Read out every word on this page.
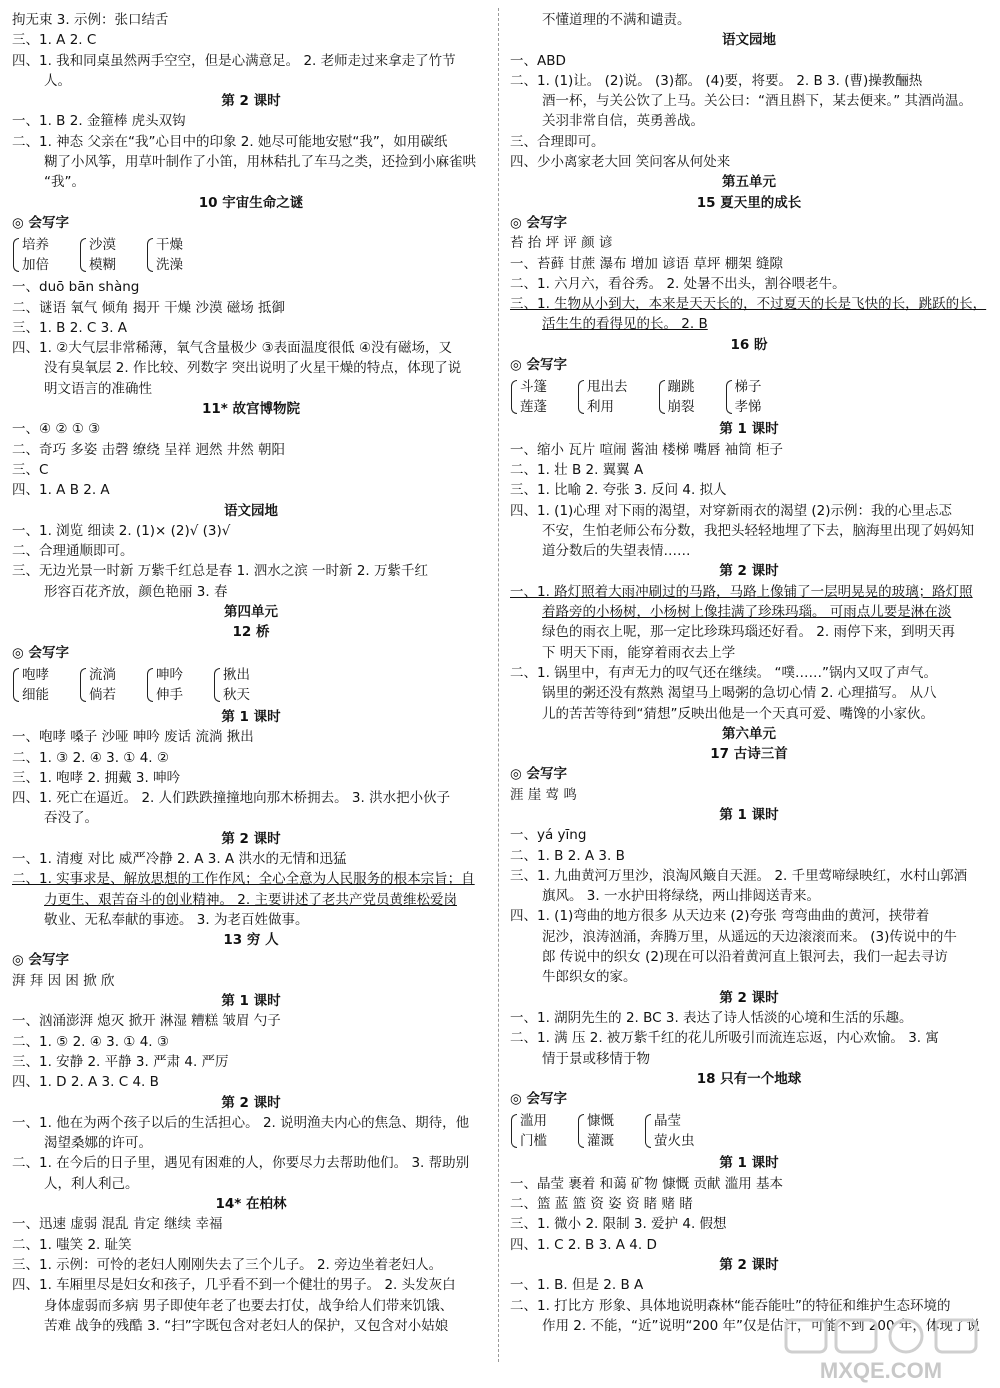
拘无束 3. 示例：张口结舌
三、1. A 2. C
四、1. 我和同桌虽然两手空空，但是心满意足。 2. 老师走过来拿走了竹节
人。
第 2 课时
一、1. B 2. 金箍棒 虎头双钩
二、1. 神态 父亲在“我”心目中的印象 2. 她尽可能地安慰“我”，如用碳纸
糊了小风筝，用草叶制作了小笛，用林秸扎了车马之类，还捡到小麻雀哄
“我”。
10 宇宙生命之谜
◎ 会写字
培养
加倍
沙漠
模糊
干燥
洗澡
一、duō bān shàng
二、谜语 氧气 倾角 揭开 干燥 沙漠 磁场 抵御
三、1. B 2. C 3. A
四、1. ②大气层非常稀薄，氧气含量极少 ③表面温度很低 ④没有磁场，又
没有臭氧层 2. 作比较、列数字 突出说明了火星干燥的特点，体现了说
明文语言的准确性
11* 故宫博物院
一、④ ② ① ③
二、奇巧 多姿 击磬 缭绕 呈祥 迥然 井然 朝阳
三、C
四、1. A B 2. A
语文园地
一、1. 浏览 细读 2. (1)× (2)√ (3)√
二、合理通顺即可。
三、无边光景一时新 万紫千红总是春 1. 泗水之滨 一时新 2. 万紫千红
形容百花齐放，颜色艳丽 3. 春
第四单元
12 桥
◎ 会写字
咆哮
细能
流淌
倘若
呻吟
伸手
揪出
秋天
第 1 课时
一、咆哮 嗓子 沙哑 呻吟 废话 流淌 揪出
二、1. ③ 2. ④ 3. ① 4. ②
三、1. 咆哮 2. 拥戴 3. 呻吟
四、1. 死亡在逼近。 2. 人们跌跌撞撞地向那木桥拥去。 3. 洪水把小伙子
吞没了。
第 2 课时
一、1. 清瘦 对比 威严冷静 2. A 3. A 洪水的无情和迅猛
二、1. 实事求是、解放思想的工作作风；全心全意为人民服务的根本宗旨；自
力更生、艰苦奋斗的创业精神。 2. 主要讲述了老共产党员黄维松爱岗
敬业、无私奉献的事迹。 3. 为老百姓做事。
13 穷 人
◎ 会写字
湃 拜 因 困 掀 欣
第 1 课时
一、汹涌澎湃 熄灭 掀开 淋湿 糟糕 皱眉 勺子
二、1. ⑤ 2. ④ 3. ① 4. ③
三、1. 安静 2. 平静 3. 严肃 4. 严厉
四、1. D 2. A 3. C 4. B
第 2 课时
一、1. 他在为两个孩子以后的生活担心。 2. 说明渔夫内心的焦急、期待，他
渴望桑娜的许可。
二、1. 在今后的日子里，遇见有困难的人，你要尽力去帮助他们。 3. 帮助别
人，利人利己。
14* 在柏林
一、迅速 虚弱 混乱 肯定 继续 幸福
二、1. 嗤笑 2. 耻笑
三、1. 示例：可怜的老妇人刚刚失去了三个儿子。 2. 旁边坐着老妇人。
四、1. 车厢里尽是妇女和孩子，几乎看不到一个健壮的男子。 2. 头发灰白
身体虚弱而多病 男子即使年老了也要去打仗，战争给人们带来饥饿、
苦难 战争的残酷 3. “扫”字既包含对老妇人的保护，又包含对小姑娘
不懂道理的不满和谴责。
语文园地
一、ABD
二、1. (1)让。 (2)说。 (3)都。 (4)要，将要。 2. B 3. (曹)操教酾热
酒一杯，与关公饮了上马。关公曰：“酒且斟下，某去便来。” 其酒尚温。
关羽非常自信，英勇善战。
三、合理即可。
四、少小离家老大回 笑问客从何处来
第五单元
15 夏天里的成长
◎ 会写字
苔 抬 坪 评 颜 谚
一、苔藓 甘蔗 瀑布 增加 谚语 草坪 棚架 缝隙
二、1. 六月六，看谷秀。 2. 处暑不出头，割谷喂老牛。
三、1. 生物从小到大，本来是天天长的，不过夏天的长是飞快的长，跳跃的长，
活生生的看得见的长。 2. B
16 盼
◎ 会写字
斗篷
莲蓬
甩出去
利用
蹦跳
崩裂
梯子
孝悌
第 1 课时
一、缩小 瓦片 喧闹 酱油 楼梯 嘴唇 袖筒 柜子
二、1. 壮 B 2. 翼翼 A
三、1. 比喻 2. 夸张 3. 反问 4. 拟人
四、1. (1)心理 对下雨的渴望，对穿新雨衣的渴望 (2)示例：我的心里忐忑
不安，生怕老师公布分数，我把头轻轻地埋了下去，脑海里出现了妈妈知
道分数后的失望表情……
第 2 课时
一、1. 路灯照着大雨冲刷过的马路，马路上像铺了一层明晃晃的玻璃；路灯照
着路旁的小杨树，小杨树上像挂满了珍珠玛瑙。 可雨点儿要是淋在淡
绿色的雨衣上呢，那一定比珍珠玛瑙还好看。 2. 雨停下来，到明天再
下 明天下雨，能穿着雨衣去上学
二、1. 锅里中，有声无力的叹气还在继续。 “噗……”锅内又叹了声气。
锅里的粥还没有熬熟 渴望马上喝粥的急切心情 2. 心理描写。 从八
儿的苦苦等待到“猜想”反映出他是一个天真可爱、嘴馋的小家伙。
第六单元
17 古诗三首
◎ 会写字
涯 崖 莺 鸣
第 1 课时
一、yá yīng
二、1. B 2. A 3. B
三、1. 九曲黄河万里沙，浪淘风簸自天涯。 2. 千里莺啼绿映红，水村山郭酒
旗风。 3. 一水护田将绿绕，两山排闼送青来。
四、1. (1)弯曲的地方很多 从天边来 (2)夸张 弯弯曲曲的黄河，挟带着
泥沙，浪涛汹涌，奔腾万里，从遥远的天边滚滚而来。 (3)传说中的牛
郎 传说中的织女 (2)现在可以沿着黄河直上银河去，我们一起去寻访
牛郎织女的家。
第 2 课时
一、1. 湖阴先生的 2. BC 3. 表达了诗人恬淡的心境和生活的乐趣。
二、1. 满 压 2. 被万紫千红的花儿所吸引而流连忘返，内心欢愉。 3. 寓
情于景或移情于物
18 只有一个地球
◎ 会写字
滥用
门槛
慷慨
灌溉
晶莹
萤火虫
第 1 课时
一、晶莹 裹着 和蔼 矿物 慷慨 贡献 滥用 基本
二、篮 蓝 篮 资 姿 资 睹 赌 睹
三、1. 微小 2. 限制 3. 爱护 4. 假想
四、1. C 2. B 3. A 4. D
第 2 课时
一、1. B. 但是 2. B A
二、1. 打比方 形象、具体地说明森林“能吞能吐”的特征和维护生态环境的
作用 2. 不能，“近”说明“200 年”仅是估计，可能不到 200 年，体现了说
MXQE.COM
